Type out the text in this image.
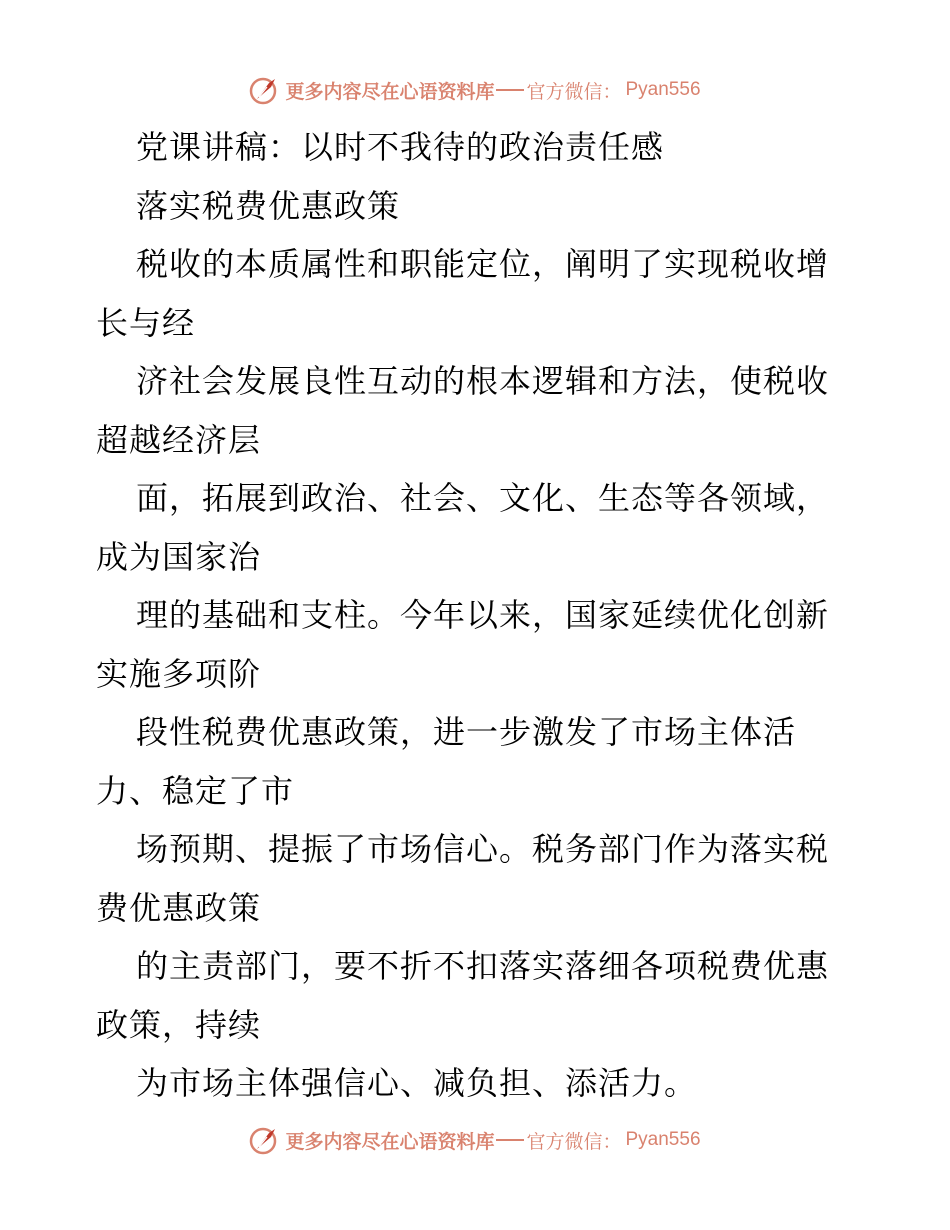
更多内容尽在心语资料库 官方微信： Pyan556
党课讲稿：以时不我待的政治责任感
落实税费优惠政策
税收的本质属性和职能定位，阐明了实现税收增
长与经
济社会发展良性互动的根本逻辑和方法，使税收
超越经济层
面，拓展到政治、社会、文化、生态等各领域，
成为国家治
理的基础和支柱。今年以来，国家延续优化创新
实施多项阶
段性税费优惠政策，进一步激发了市场主体活
力、稳定了市
场预期、提振了市场信心。税务部门作为落实税
费优惠政策
的主责部门，要不折不扣落实落细各项税费优惠
政策，持续
为市场主体强信心、减负担、添活力。
更多内容尽在心语资料库 官方微信： Pyan556
